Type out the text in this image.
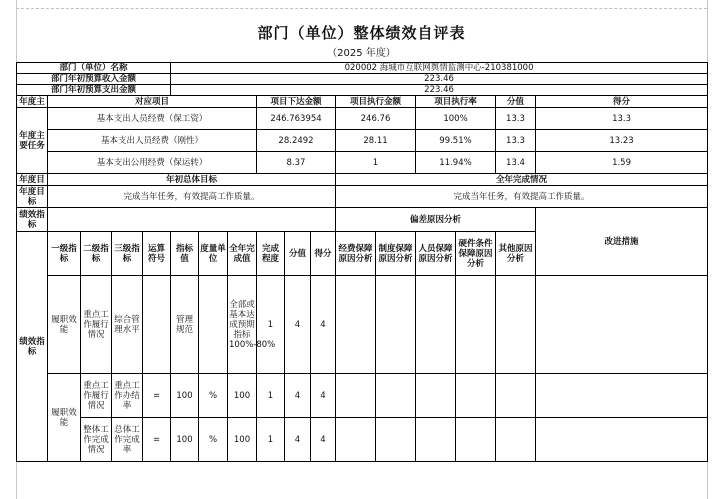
部门（单位）整体绩效自评表
（2025 年度）
部门（单位）名称					020002 海城市互联网舆情监测中心-210381000											
部门年初预算收入金额					223.46											
部门年初预算支出金额					223.46											
年度主	对应项目							项目下达金额			项目执行金额		项目执行率		分值	得分
年度主要任务	基本支出人员经费（保工资）							246.763954			246.76		100%		13.3	13.3
	基本支出人员经费（刚性）							28.2492			28.11		99.51%		13.3	13.23
	基本支出公用经费（保运转）							8.37			1		11.94%		13.4	1.59
年度目	年初总体目标										全年完成情况					
年度目标	完成当年任务，有效提高工作质量。										完成当年任务，有效提高工作质量。					
绩效指标											偏差原因分析					改进措施
绩效指标	一级指标	二级指标	三级指标	运算符号	指标值	度量单位	全年完成值	完成程度	分值	得分	经费保障原因分析	制度保障原因分析	人员保障原因分析	硬件条件保障原因分析	其他原因分析	
	履职效能	重点工作履行情况	综合管理水平		管理规范		全部或基本达成预期指标100%-80%	1	4	4						
	履职效能	重点工作履行情况	重点工作办结率	=	100	%	100	1	4	4						
		整体工作完成情况	总体工作完成率	=	100	%	100	1	4	4						
